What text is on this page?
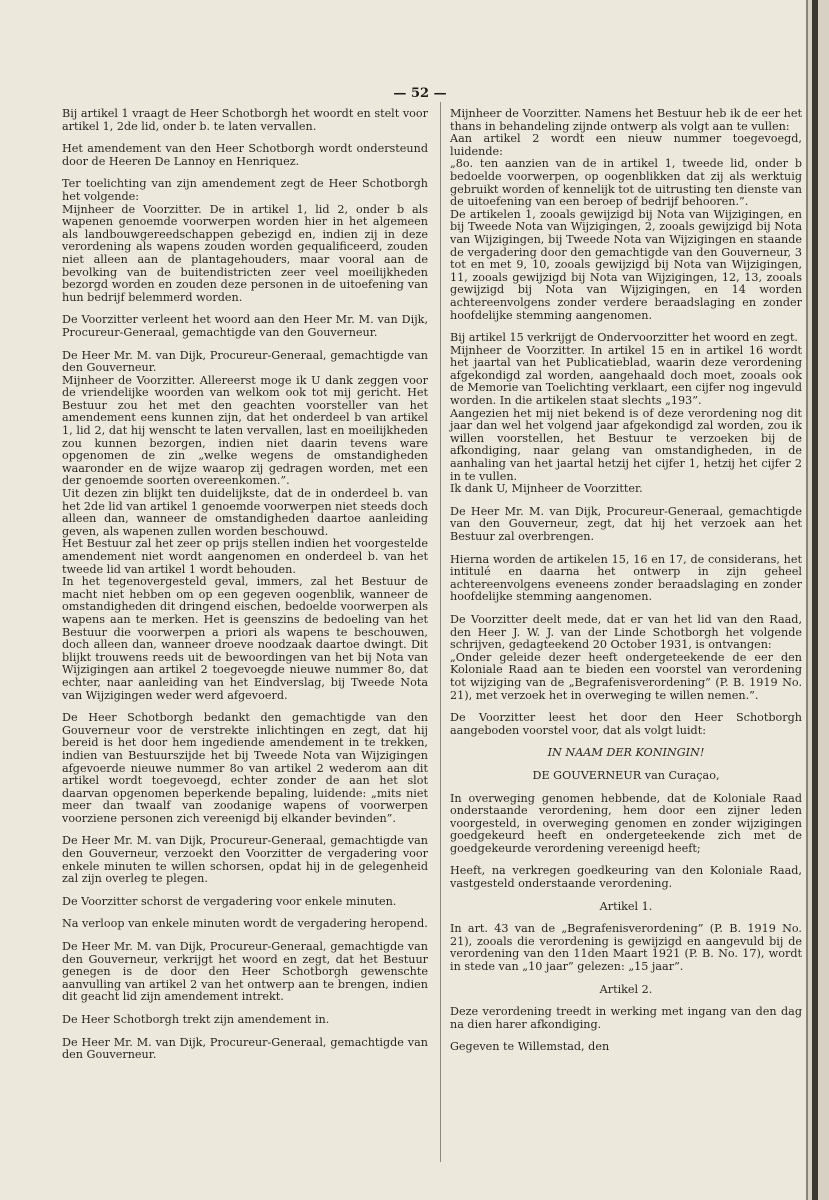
— 52 —

Bij artikel 1 vraagt de Heer Schotborgh het woordt en stelt voor artikel 1, 2de lid, onder b. te laten vervallen.

Het amendement van den Heer Schotborgh wordt ondersteund door de Heeren De Lannoy en Henriquez.

Ter toelichting van zijn amendement zegt de Heer Schotborgh het volgende:

Mijnheer de Voorzitter. De in artikel 1, lid 2, onder b als wapenen genoemde voorwerpen worden hier in het algemeen als landbouwgereedschappen gebezigd en, indien zij in deze verordening als wapens zouden worden gequalificeerd, zouden niet alleen aan de plantagehouders, maar vooral aan de bevolking van de buitendistricten zeer veel moeilijkheden bezorgd worden en zouden deze personen in de uitoefening van hun bedrijf belemmerd worden.

De Voorzitter verleent het woord aan den Heer Mr. M. van Dijk, Procureur-Generaal, gemachtigde van den Gouverneur.

De Heer Mr. M. van Dijk, Procureur-Generaal, gemachtigde van den Gouverneur.

Mijnheer de Voorzitter. Allereerst moge ik U dank zeggen voor de vriendelijke woorden van welkom ook tot mij gericht. Het Bestuur zou het met den geachten voorsteller van het amendement eens kunnen zijn, dat het onderdeel b van artikel 1, lid 2, dat hij wenscht te laten vervallen, last en moeilijkheden zou kunnen bezorgen, indien niet daarin tevens ware opgenomen de zin „welke wegens de omstandigheden waaronder en de wijze waarop zij gedragen worden, met een der genoemde soorten overeenkomen.”.

Uit dezen zin blijkt ten duidelijkste, dat de in onderdeel b. van het 2de lid van artikel 1 genoemde voorwerpen niet steeds doch alleen dan, wanneer de omstandigheden daartoe aanleiding geven, als wapenen zullen worden beschouwd.

Het Bestuur zal het zeer op prijs stellen indien het voorgestelde amendement niet wordt aangenomen en onderdeel b. van het tweede lid van artikel 1 wordt behouden.

In het tegenovergesteld geval, immers, zal het Bestuur de macht niet hebben om op een gegeven oogenblik, wanneer de omstandigheden dit dringend eischen, bedoelde voorwerpen als wapens aan te merken. Het is geenszins de bedoeling van het Bestuur die voorwerpen a priori als wapens te beschouwen, doch alleen dan, wanneer droeve noodzaak daartoe dwingt. Dit blijkt trouwens reeds uit de bewoordingen van het bij Nota van Wijzigingen aan artikel 2 toegevoegde nieuwe nummer 8o, dat echter, naar aanleiding van het Eindverslag, bij Tweede Nota van Wijzigingen weder werd afgevoerd.

De Heer Schotborgh bedankt den gemachtigde van den Gouverneur voor de verstrekte inlichtingen en zegt, dat hij bereid is het door hem ingediende amendement in te trekken, indien van Bestuurszijde het bij Tweede Nota van Wijzigingen afgevoerde nieuwe nummer 8o van artikel 2 wederom aan dit artikel wordt toegevoegd, echter zonder de aan het slot daarvan opgenomen beperkende bepaling, luidende: „mits niet meer dan twaalf van zoodanige wapens of voorwerpen voorziene personen zich vereenigd bij elkander bevinden”.

De Heer Mr. M. van Dijk, Procureur-Generaal, gemachtigde van den Gouverneur, verzoekt den Voorzitter de vergadering voor enkele minuten te willen schorsen, opdat hij in de gelegenheid zal zijn overleg te plegen.

De Voorzitter schorst de vergadering voor enkele minuten.

Na verloop van enkele minuten wordt de vergadering heropend.

De Heer Mr. M. van Dijk, Procureur-Generaal, gemachtigde van den Gouverneur, verkrijgt het woord en zegt, dat het Bestuur genegen is de door den Heer Schotborgh gewenschte aanvulling van artikel 2 van het ontwerp aan te brengen, indien dit geacht lid zijn amendement intrekt.

De Heer Schotborgh trekt zijn amendement in.

De Heer Mr. M. van Dijk, Procureur-Generaal, gemachtigde van den Gouverneur.

Mijnheer de Voorzitter. Namens het Bestuur heb ik de eer het thans in behandeling zijnde ontwerp als volgt aan te vullen:

Aan artikel 2 wordt een nieuw nummer toegevoegd, luidende:

„8o. ten aanzien van de in artikel 1, tweede lid, onder b bedoelde voorwerpen, op oogenblikken dat zij als werktuig gebruikt worden of kennelijk tot de uitrusting ten dienste van de uitoefening van een beroep of bedrijf behooren.”.

De artikelen 1, zooals gewijzigd bij Nota van Wijzigingen, en bij Tweede Nota van Wijzigingen, 2, zooals gewijzigd bij Nota van Wijzigingen, bij Tweede Nota van Wijzigingen en staande de vergadering door den gemachtigde van den Gouverneur, 3 tot en met 9, 10, zooals gewijzigd bij Nota van Wijzigingen, 11, zooals gewijzigd bij Nota van Wijzigingen, 12, 13, zooals gewijzigd bij Nota van Wijzigingen, en 14 worden achtereenvolgens zonder verdere beraadslaging en zonder hoofdelijke stemming aangenomen.

Bij artikel 15 verkrijgt de Ondervoorzitter het woord en zegt.

Mijnheer de Voorzitter. In artikel 15 en in artikel 16 wordt het jaartal van het Publicatieblad, waarin deze verordening afgekondigd zal worden, aangehaald doch moet, zooals ook de Memorie van Toelichting verklaart, een cijfer nog ingevuld worden. In die artikelen staat slechts „193”.

Aangezien het mij niet bekend is of deze verordening nog dit jaar dan wel het volgend jaar afgekondigd zal worden, zou ik willen voorstellen, het Bestuur te verzoeken bij de afkondiging, naar gelang van omstandigheden, in de aanhaling van het jaartal hetzij het cijfer 1, hetzij het cijfer 2 in te vullen.

Ik dank U, Mijnheer de Voorzitter.

De Heer Mr. M. van Dijk, Procureur-Generaal, gemachtigde van den Gouverneur, zegt, dat hij het verzoek aan het Bestuur zal overbrengen.

Hierna worden de artikelen 15, 16 en 17, de considerans, het intitulé en daarna het ontwerp in zijn geheel achtereenvolgens eveneens zonder beraadslaging en zonder hoofdelijke stemming aangenomen.

De Voorzitter deelt mede, dat er van het lid van den Raad, den Heer J. W. J. van der Linde Schotborgh het volgende schrijven, gedagteekend 20 October 1931, is ontvangen:

„Onder geleide dezer heeft ondergeteekende de eer den Koloniale Raad aan te bieden een voorstel van verordening tot wijziging van de „Begrafenisverordening” (P. B. 1919 No. 21), met verzoek het in overweging te willen nemen.”.

De Voorzitter leest het door den Heer Schotborgh aangeboden voorstel voor, dat als volgt luidt:

IN NAAM DER KONINGIN!

DE GOUVERNEUR van Curaçao,

In overweging genomen hebbende, dat de Koloniale Raad onderstaande verordening, hem door een zijner leden voorgesteld, in overweging genomen en zonder wijzigingen goedgekeurd heeft en ondergeteekende zich met de goedgekeurde verordening vereenigd heeft;

Heeft, na verkregen goedkeuring van den Koloniale Raad, vastgesteld onderstaande verordening.

Artikel 1.

In art. 43 van de „Begrafenisverordening” (P. B. 1919 No. 21), zooals die verordening is gewijzigd en aangevuld bij de verordening van den 11den Maart 1921 (P. B. No. 17), wordt in stede van „10 jaar” gelezen: „15 jaar”.

Artikel 2.

Deze verordening treedt in werking met ingang van den dag na dien harer afkondiging.

Gegeven te Willemstad, den
